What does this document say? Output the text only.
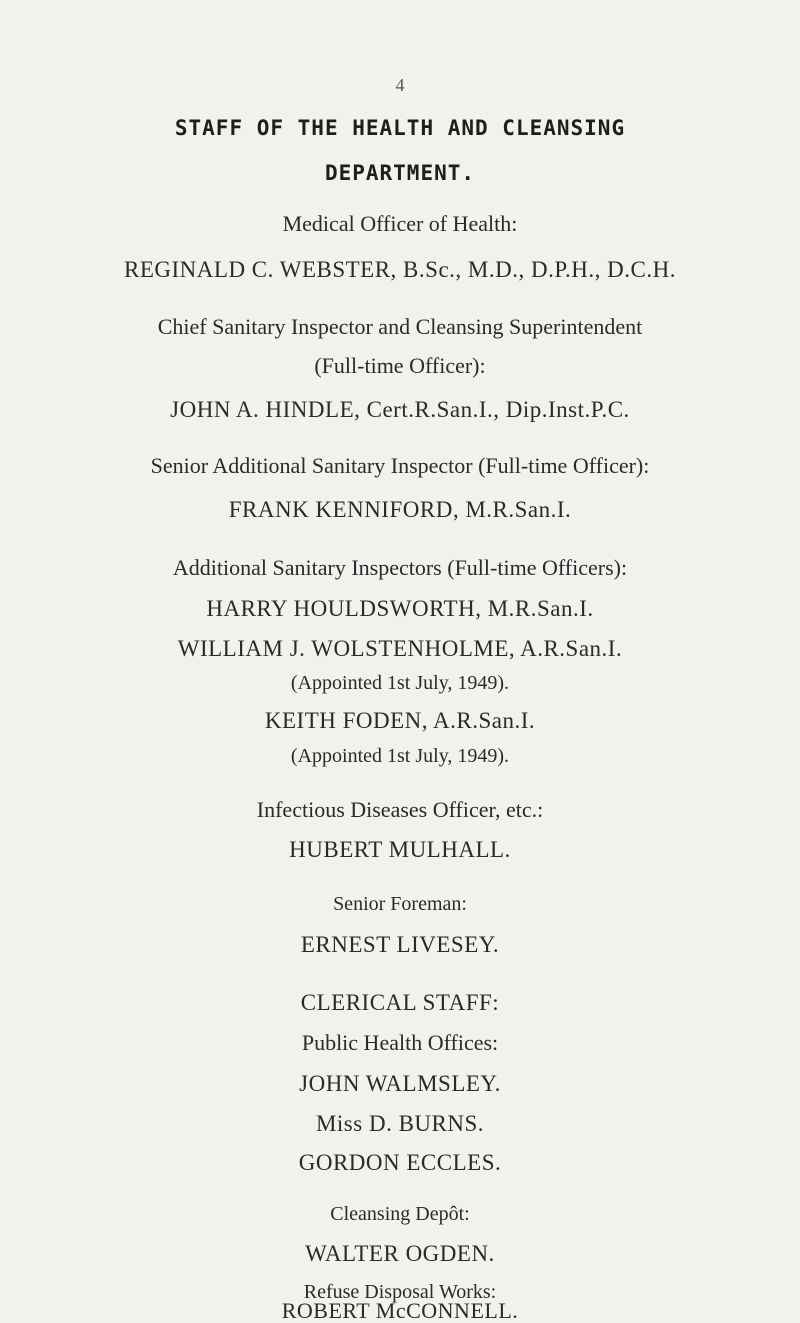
4
STAFF OF THE HEALTH AND CLEANSING
DEPARTMENT.
Medical Officer of Health:
REGINALD C. WEBSTER, B.Sc., M.D., D.P.H., D.C.H.
Chief Sanitary Inspector and Cleansing Superintendent
(Full-time Officer):
JOHN A. HINDLE, Cert.R.San.I., Dip.Inst.P.C.
Senior Additional Sanitary Inspector (Full-time Officer):
FRANK KENNIFORD, M.R.San.I.
Additional Sanitary Inspectors (Full-time Officers):
HARRY HOULDSWORTH, M.R.San.I.
WILLIAM J. WOLSTENHOLME, A.R.San.I.
(Appointed 1st July, 1949).
KEITH FODEN, A.R.San.I.
(Appointed 1st July, 1949).
Infectious Diseases Officer, etc.:
HUBERT MULHALL.
Senior Foreman:
ERNEST LIVESEY.
CLERICAL STAFF:
Public Health Offices:
JOHN WALMSLEY.
Miss D. BURNS.
GORDON ECCLES.
Cleansing Depôt:
WALTER OGDEN.
Refuse Disposal Works:
ROBERT McCONNELL.
